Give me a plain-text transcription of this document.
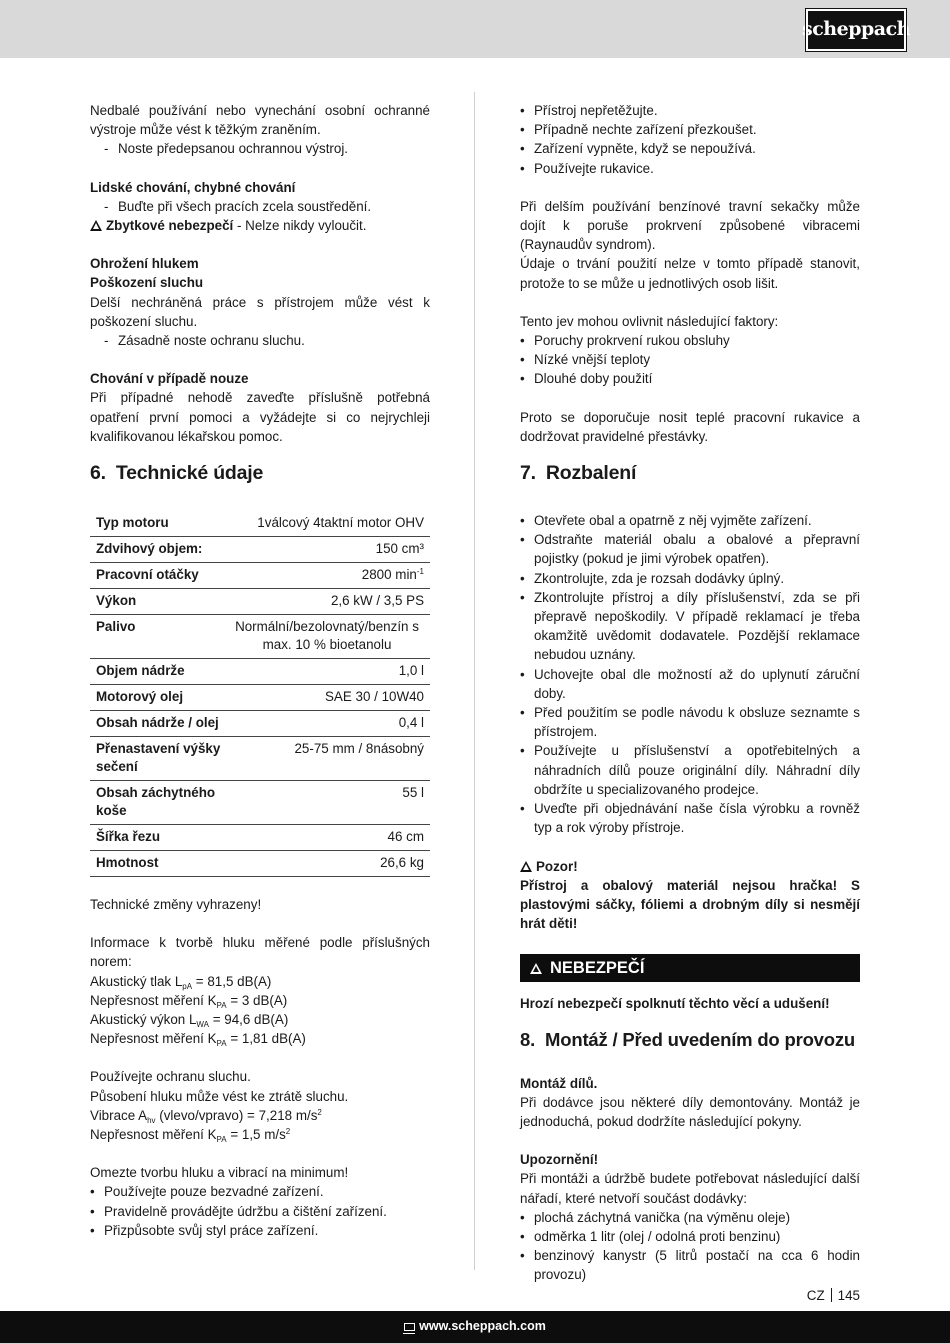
scheppach

Nedbalé používání nebo vynechání osobní ochranné výstroje může vést k těžkým zraněním.

- Noste předepsanou ochrannou výstroj.
Lidské chování, chybné chování
- Buďte při všech pracích zcela soustředění.
Zbytkové nebezpečí - Nelze nikdy vyloučit.
Ohrožení hlukem
Poškození sluchu

Delší nechráněná práce s přístrojem může vést k poškození sluchu.

- Zásadně noste ochranu sluchu.
Chování v případě nouze

Při případné nehodě zaveďte příslušně potřebná opatření první pomoci a vyžádejte si co nejrychleji kvalifikovanou lékařskou pomoc.

6. Technické údaje
Typ motoru	1válcový 4taktní motor OHV
Zdvihový objem:	150 cm³
Pracovní otáčky	2800 $\min^{-1}$
Výkon	2,6 kW / 3,5 PS
Palivo	Normální/bezolovnatý/benzín s max. 10 % bioetanolu
Objem nádrže	1,0 l
Motorový olej	SAE 30 / 10W40
Obsah nádrže / olej	0,4 l
Přenastavení výšky sečení	25-75 mm / 8násobný
Obsah záchytného koše	55 l
Šířka řezu	46 cm
Hmotnost	26,6 kg

Technické změny vyhrazeny!

Informace k tvorbě hluku měřené podle příslušných norem:

Akustický tlak $L_{pA} = 81,5$ dB(A)
Nepřesnost měření $K_{PA} = 3$ dB(A)
Akustický výkon $L_{WA} = 94,6$ dB(A)
Nepřesnost měření $K_{PA} = 1,81$ dB(A)

Používejte ochranu sluchu.

Působení hluku může vést ke ztrátě sluchu.

Vibrace $A_{hv}$ (vlevo/vpravo) = 7,218 $m/s^2$
Nepřesnost měření $K_{PA} = 1,5$ $m/s^2$

Omezte tvorbu hluku a vibrací na minimum!

• Používejte pouze bezvadné zařízení.
• Pravidelně provádějte údržbu a čištění zařízení.
• Přizpůsobte svůj styl práce zařízení.
• Přístroj nepřetěžujte.
• Případně nechte zařízení přezkoušet.
• Zařízení vypněte, když se nepoužívá.
• Používejte rukavice.

Při delším používání benzínové travní sekačky může dojít k poruše prokrvení způsobené vibracemi (Raynaudův syndrom).

Údaje o trvání použití nelze v tomto případě stanovit, protože to se může u jednotlivých osob lišit.

Tento jev mohou ovlivnit následující faktory:

• Poruchy prokrvení rukou obsluhy
• Nízké vnější teploty
• Dlouhé doby použití

Proto se doporučuje nosit teplé pracovní rukavice a dodržovat pravidelné přestávky.

7. Rozbalení
• Otevřete obal a opatrně z něj vyjměte zařízení.
• Odstraňte materiál obalu a obalové a přepravní pojistky (pokud je jimi výrobek opatřen).
• Zkontrolujte, zda je rozsah dodávky úplný.
• Zkontrolujte přístroj a díly příslušenství, zda se při přepravě nepoškodily. V případě reklamací je třeba okamžitě uvědomit dodavatele. Pozdější reklamace nebudou uznány.
• Uchovejte obal dle možností až do uplynutí záruční doby.
• Před použitím se podle návodu k obsluze seznamte s přístrojem.
• Používejte u příslušenství a opotřebitelných a náhradních dílů pouze originální díly. Náhradní díly obdržíte u specializovaného prodejce.
• Uveďte při objednávání naše čísla výrobku a rovněž typ a rok výroby přístroje.
Pozor!

Přístroj a obalový materiál nejsou hračka! S plastovými sáčky, fóliemi a drobným díly si nesmějí hrát děti!

NEBEZPEČÍ

Hrozí nebezpečí spolknutí těchto věcí a udušení!

8. Montáž / Před uvedením do provozu
Montáž dílů.

Při dodávce jsou některé díly demontovány. Montáž je jednoduchá, pokud dodržíte následující pokyny.

Upozornění!

Při montáži a údržbě budete potřebovat následující další nářadí, které netvoří součást dodávky:

• plochá záchytná vanička (na výměnu oleje)
• odměrka 1 litr (olej / odolná proti benzinu)
• benzinový kanystr (5 litrů postačí na cca 6 hodin provozu)
CZ 145
www.scheppach.com
